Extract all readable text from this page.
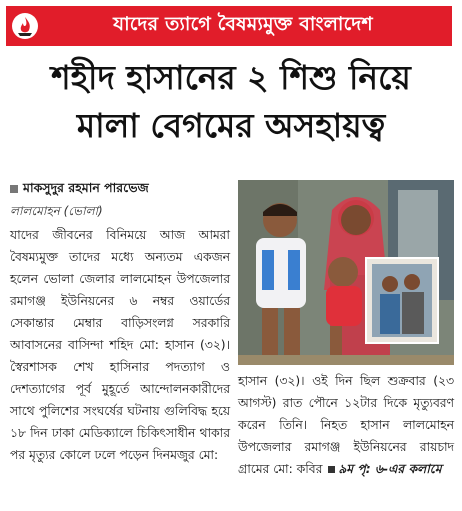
যাদের ত্যাগে বৈষম্যমুক্ত বাংলাদেশ
শহীদ হাসানের ২ শিশু নিয়ে
মালা বেগমের অসহায়ত্ব
মাকসুদুর রহমান পারভেজ
লালমোহন (ভোলা)

যাদের জীবনের বিনিময়ে আজ আমরা বৈষম্যমুক্ত তাদের মধ্যে অন্যতম একজন হলেন ভোলা জেলার লালমোহন উপজেলার রমাগঞ্জ ইউনিয়নের ৬ নম্বর ওয়ার্ডের সেকান্তার মেম্বার বাড়িসংলগ্ন সরকারি আবাসনের বাসিন্দা শহিদ মো: হাসান (৩২)। স্বৈরশাসক শেখ হাসিনার পদত্যাগ ও দেশত্যাগের পূর্ব মুহূর্তে আন্দোলনকারীদের সাথে পুলিশের সংঘর্ষের ঘটনায় গুলিবিদ্ধ হয়ে ১৮ দিন ঢাকা মেডিক্যালে চিকিৎসাধীন থাকার পর মৃত্যুর কোলে ঢলে পড়েন দিনমজুর মো:

হাসান (৩২)। ওই দিন ছিল শুক্রবার (২৩ আগস্ট) রাত পৌনে ১২টার দিকে মৃত্যুবরণ করেন তিনি। নিহত হাসান লালমোহন উপজেলার রমাগঞ্জ ইউনিয়নের রায়চাদ গ্রামের মো: কবির ৯ম পৃ: ৬-এর কলামে
